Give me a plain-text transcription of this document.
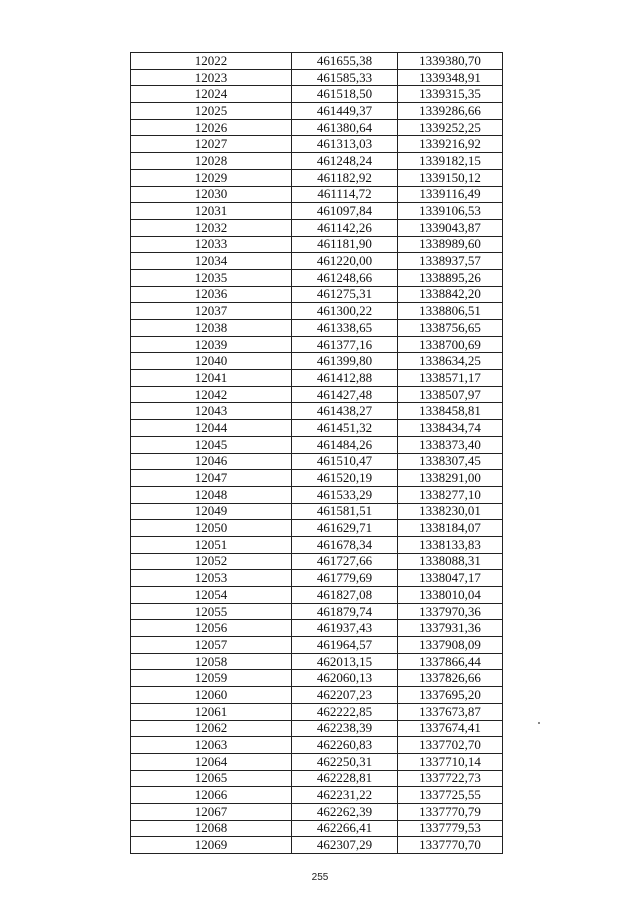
12022	461655,38	1339380,70
12023	461585,33	1339348,91
12024	461518,50	1339315,35
12025	461449,37	1339286,66
12026	461380,64	1339252,25
12027	461313,03	1339216,92
12028	461248,24	1339182,15
12029	461182,92	1339150,12
12030	461114,72	1339116,49
12031	461097,84	1339106,53
12032	461142,26	1339043,87
12033	461181,90	1338989,60
12034	461220,00	1338937,57
12035	461248,66	1338895,26
12036	461275,31	1338842,20
12037	461300,22	1338806,51
12038	461338,65	1338756,65
12039	461377,16	1338700,69
12040	461399,80	1338634,25
12041	461412,88	1338571,17
12042	461427,48	1338507,97
12043	461438,27	1338458,81
12044	461451,32	1338434,74
12045	461484,26	1338373,40
12046	461510,47	1338307,45
12047	461520,19	1338291,00
12048	461533,29	1338277,10
12049	461581,51	1338230,01
12050	461629,71	1338184,07
12051	461678,34	1338133,83
12052	461727,66	1338088,31
12053	461779,69	1338047,17
12054	461827,08	1338010,04
12055	461879,74	1337970,36
12056	461937,43	1337931,36
12057	461964,57	1337908,09
12058	462013,15	1337866,44
12059	462060,13	1337826,66
12060	462207,23	1337695,20
12061	462222,85	1337673,87
12062	462238,39	1337674,41
12063	462260,83	1337702,70
12064	462250,31	1337710,14
12065	462228,81	1337722,73
12066	462231,22	1337725,55
12067	462262,39	1337770,79
12068	462266,41	1337779,53
12069	462307,29	1337770,70
255
